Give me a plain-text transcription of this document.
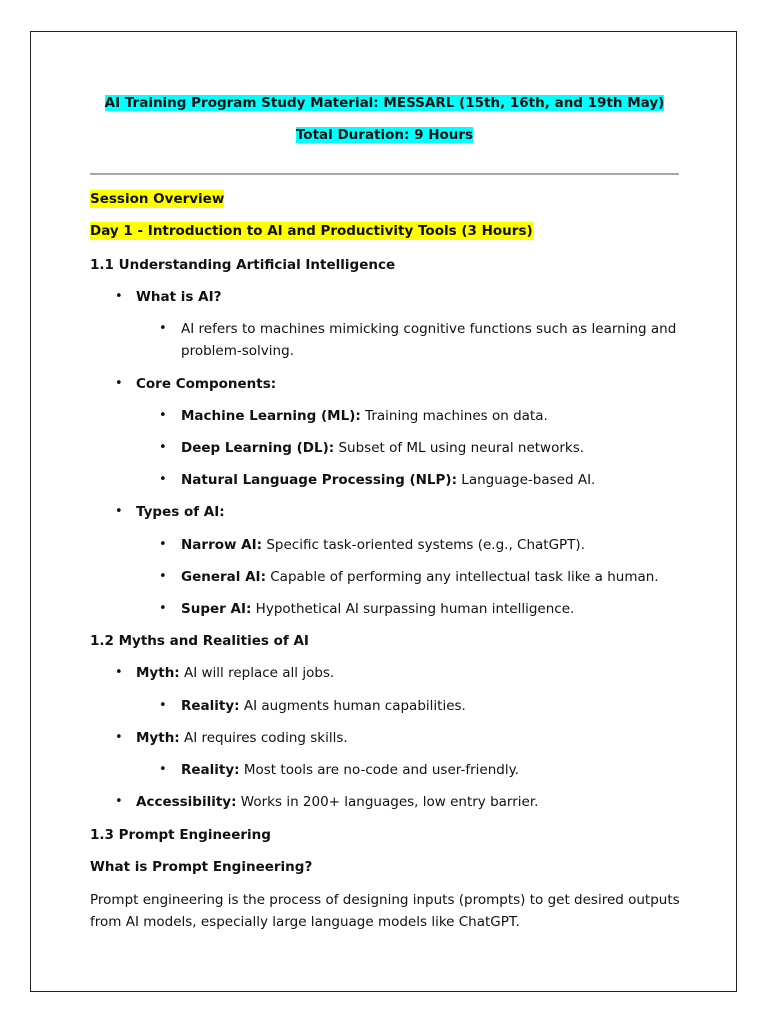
AI Training Program Study Material: MESSARL (15th, 16th, and 19th May)
Total Duration: 9 Hours
Session Overview
Day 1 - Introduction to AI and Productivity Tools (3 Hours)
1.1 Understanding Artificial Intelligence
• What is AI?
• AI refers to machines mimicking cognitive functions such as learning and
problem-solving.
• Core Components:
• Machine Learning (ML): Training machines on data.
• Deep Learning (DL): Subset of ML using neural networks.
• Natural Language Processing (NLP): Language-based AI.
• Types of AI:
• Narrow AI: Specific task-oriented systems (e.g., ChatGPT).
• General AI: Capable of performing any intellectual task like a human.
• Super AI: Hypothetical AI surpassing human intelligence.
1.2 Myths and Realities of AI
• Myth: AI will replace all jobs.
• Reality: AI augments human capabilities.
• Myth: AI requires coding skills.
• Reality: Most tools are no-code and user-friendly.
• Accessibility: Works in 200+ languages, low entry barrier.
1.3 Prompt Engineering
What is Prompt Engineering?
Prompt engineering is the process of designing inputs (prompts) to get desired outputs
from AI models, especially large language models like ChatGPT.
